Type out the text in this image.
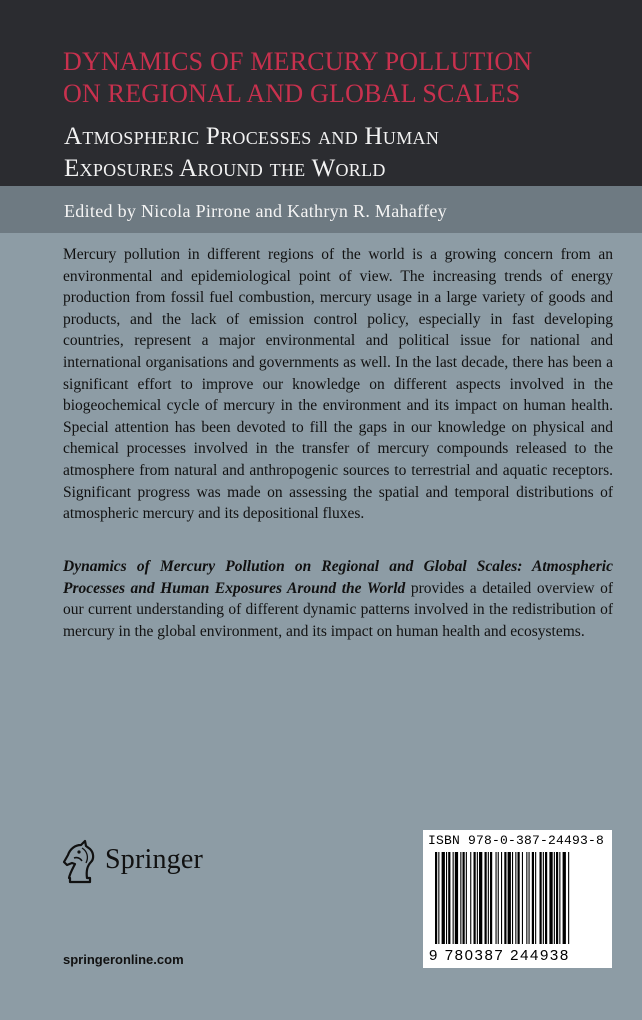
DYNAMICS OF MERCURY POLLUTION
ON REGIONAL AND GLOBAL SCALES
Atmospheric Processes and Human
Exposures Around the World
Edited by Nicola Pirrone and Kathryn R. Mahaffey

Mercury pollution in different regions of the world is a growing concern from an environmental and epidemiological point of view. The increasing trends of energy production from fossil fuel combustion, mercury usage in a large variety of goods and products, and the lack of emission control policy, especially in fast developing countries, represent a major environmental and political issue for national and international organisations and governments as well. In the last decade, there has been a significant effort to improve our knowledge on different aspects involved in the biogeochemical cycle of mercury in the environment and its impact on human health. Special attention has been devoted to fill the gaps in our knowledge on physical and chemical processes involved in the transfer of mercury compounds released to the atmosphere from natural and anthropogenic sources to terrestrial and aquatic receptors. Significant progress was made on assessing the spatial and temporal distributions of atmospheric mercury and its depositional fluxes.

Dynamics of Mercury Pollution on Regional and Global Scales: Atmospheric Processes and Human Exposures Around the World provides a detailed overview of our current understanding of different dynamic patterns involved in the redistribution of mercury in the global environment, and its impact on human health and ecosystems.

Springer
springeronline.com
ISBN 978-0-387-24493-8
9 780387 244938
